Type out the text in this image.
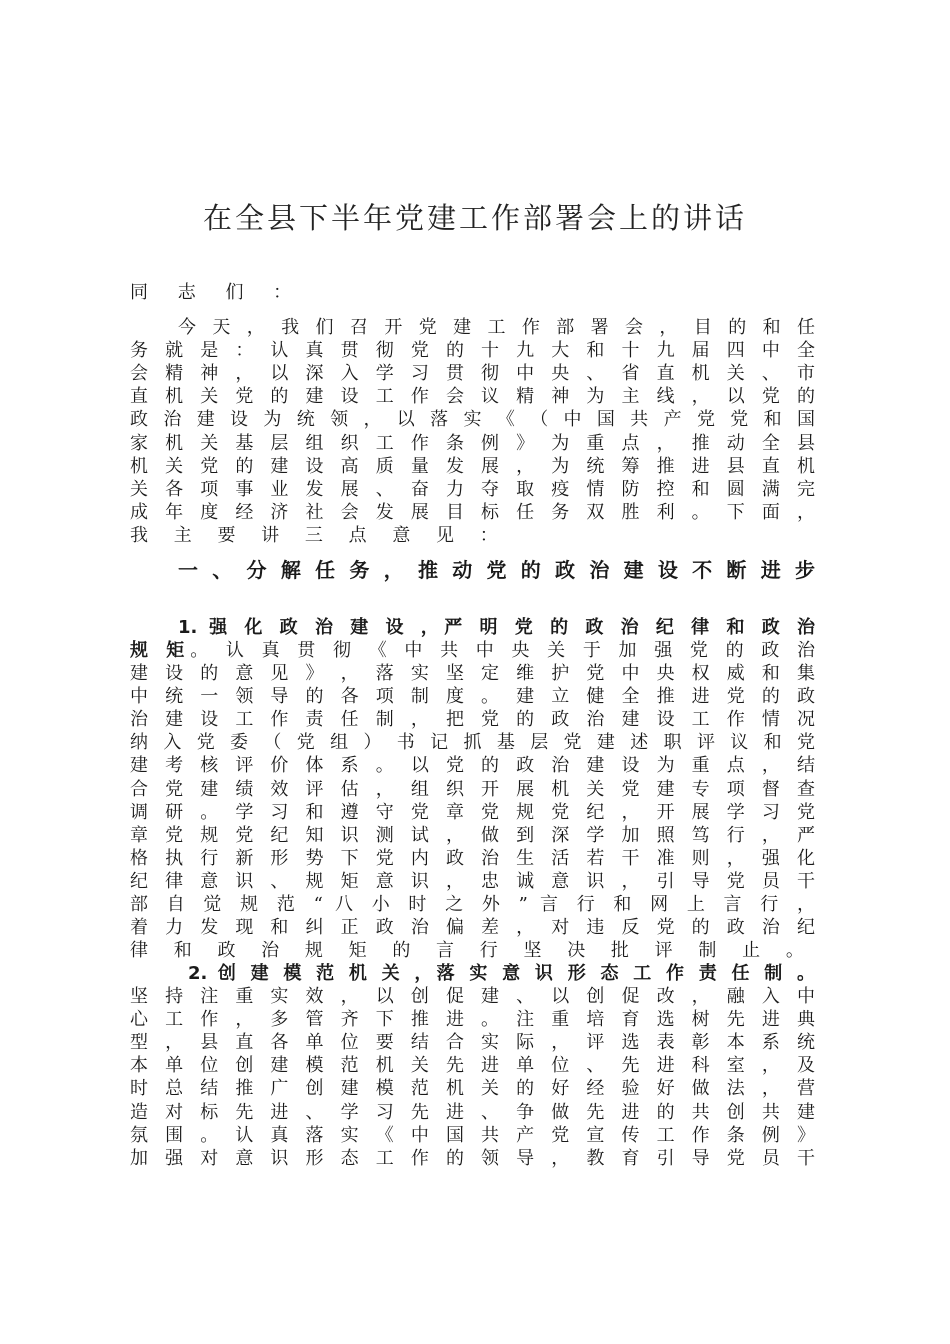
在全县下半年党建工作部署会上的讲话
同 志 们 ：
今 天 ， 我 们 召 开 党 建 工 作 部 署 会 ， 目 的 和 任
务 就 是 ： 认 真 贯 彻 党 的 十 九 大 和 十 九 届 四 中 全
会 精 神 ， 以 深 入 学 习 贯 彻 中 央 、 省 直 机 关 、 市
直 机 关 党 的 建 设 工 作 会 议 精 神 为 主 线 ， 以 党 的
政 治 建 设 为 统 领 ， 以 落 实 《 （ 中 国 共 产 党 党 和 国
家 机 关 基 层 组 织 工 作 条 例 》 为 重 点 ， 推 动 全 县
机 关 党 的 建 设 高 质 量 发 展 ， 为 统 筹 推 进 县 直 机
关 各 项 事 业 发 展 、 奋 力 夺 取 疫 情 防 控 和 圆 满 完
成 年 度 经 济 社 会 发 展 目 标 任 务 双 胜 利 。 下 面 ，
我 主 要 讲 三 点 意 见 ：
一 、 分 解 任 务 ， 推 动 党 的 政 治 建 设 不 断 进 步
1. 强 化 政 治 建 设 ，严 明 党 的 政 治 纪 律 和 政 治
规 矩。 认 真 贯 彻 《 中 共 中 央 关 于 加 强 党 的 政 治
建 设 的 意 见 》 ， 落 实 坚 定 维 护 党 中 央 权 威 和 集
中 统 一 领 导 的 各 项 制 度 。 建 立 健 全 推 进 党 的 政
治 建 设 工 作 责 任 制 ， 把 党 的 政 治 建 设 工 作 情 况
纳 入 党 委 （ 党 组 ） 书 记 抓 基 层 党 建 述 职 评 议 和 党
建 考 核 评 价 体 系 。 以 党 的 政 治 建 设 为 重 点 ， 结
合 党 建 绩 效 评 估 ， 组 织 开 展 机 关 党 建 专 项 督 查
调 研 。 学 习 和 遵 守 党 章 党 规 党 纪 ， 开 展 学 习 党
章 党 规 党 纪 知 识 测 试 ， 做 到 深 学 加 照 笃 行 ， 严
格 执 行 新 形 势 下 党 内 政 治 生 活 若 干 准 则 ， 强 化
纪 律 意 识 、 规 矩 意 识 ， 忠 诚 意 识 ， 引 导 党 员 干
部 自 觉 规 范 “ 八 小 时 之 外 ” 言 行 和 网 上 言 行 ，
着 力 发 现 和 纠 正 政 治 偏 差 ， 对 违 反 党 的 政 治 纪
律 和 政 治 规 矩 的 言 行 坚 决 批 评 制 止 。
2. 创 建 模 范 机 关 ，落 实 意 识 形 态 工 作 责 任 制 。
坚 持 注 重 实 效 ， 以 创 促 建 、 以 创 促 改 ， 融 入 中
心 工 作 ， 多 管 齐 下 推 进 。 注 重 培 育 选 树 先 进 典
型 ， 县 直 各 单 位 要 结 合 实 际 ， 评 选 表 彰 本 系 统
本 单 位 创 建 模 范 机 关 先 进 单 位 、 先 进 科 室 ， 及
时 总 结 推 广 创 建 模 范 机 关 的 好 经 验 好 做 法 ， 营
造 对 标 先 进 、 学 习 先 进 、 争 做 先 进 的 共 创 共 建
氛 围 。 认 真 落 实 《 中 国 共 产 党 宣 传 工 作 条 例 》
加 强 对 意 识 形 态 工 作 的 领 导 ， 教 育 引 导 党 员 干
